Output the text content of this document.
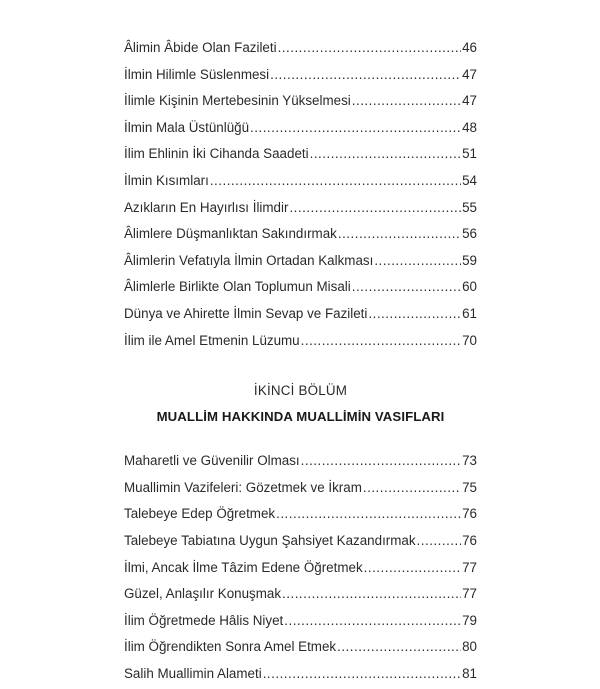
Âlimin Âbide Olan Fazileti .....	46
İlmin Hilimle Süslenmesi .....	47
İlimle Kişinin Mertebesinin Yükselmesi .....	47
İlmin Mala Üstünlüğü .....	48
İlim Ehlinin İki Cihanda Saadeti .....	51
İlmin Kısımları .....	54
Azıkların En Hayırlısı İlimdir .....	55
Âlimlere Düşmanlıktan Sakındırmak .....	56
Âlimlerin Vefatıyla İlmin Ortadan Kalkması .....	59
Âlimlerle Birlikte Olan Toplumun Misali .....	60
Dünya ve Ahirette İlmin Sevap ve Fazileti .....	61
İlim ile Amel Etmenin Lüzumu .....	70
İKİNCİ BÖLÜM
MUALLİM HAKKINDA MUALLİMİN VASIFLARI
Maharetli ve Güvenilir Olması .....	73
Muallimin Vazifeleri: Gözetmek ve İkram .....	75
Talebeye Edep Öğretmek .....	76
Talebeye Tabiatına Uygun Şahsiyet Kazandırmak .....	76
İlmi, Ancak İlme Tâzim Edene Öğretmek .....	77
Güzel, Anlaşılır Konuşmak .....	77
İlim Öğretmede Hâlis Niyet .....	79
İlim Öğrendikten Sonra Amel Etmek .....	80
Salih Muallimin Alameti .....	81
